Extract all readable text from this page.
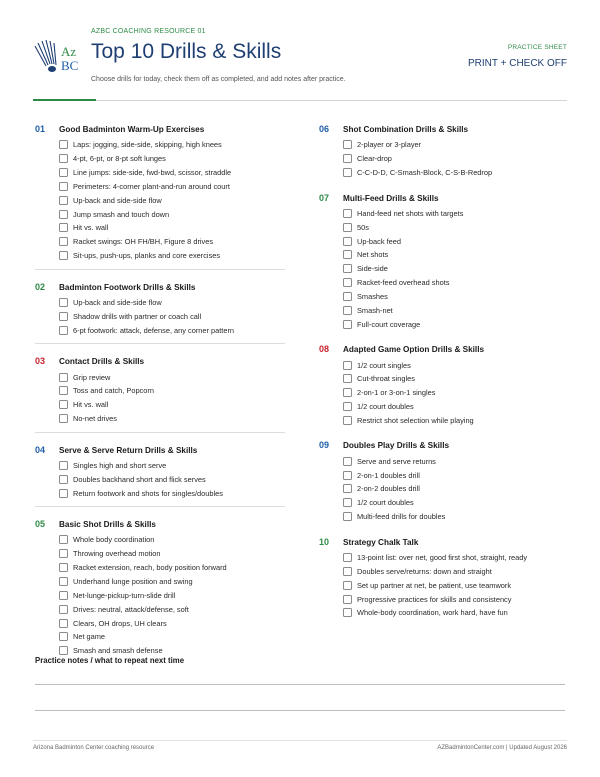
Az
BC
AZBC COACHING RESOURCE 01
Top 10 Drills & Skills
Choose drills for today, check them off as completed, and add notes after practice.
PRACTICE SHEET
PRINT + CHECK OFF
01	Good Badminton Warm-Up Exercises
Laps: jogging, side-side, skipping, high knees
4-pt, 6-pt, or 8-pt soft lunges
Line jumps: side-side, fwd-bwd, scissor, straddle
Perimeters: 4-corner plant-and-run around court
Up-back and side-side flow
Jump smash and touch down
Hit vs. wall
Racket swings: OH FH/BH, Figure 8 drives
Sit-ups, push-ups, planks and core exercises
02	Badminton Footwork Drills & Skills
Up-back and side-side flow
Shadow drills with partner or coach call
6-pt footwork: attack, defense, any corner pattern
03	Contact Drills & Skills
Grip review
Toss and catch, Popcorn
Hit vs. wall
No-net drives
04	Serve & Serve Return Drills & Skills
Singles high and short serve
Doubles backhand short and flick serves
Return footwork and shots for singles/doubles
05	Basic Shot Drills & Skills
Whole body coordination
Throwing overhead motion
Racket extension, reach, body position forward
Underhand lunge position and swing
Net-lunge-pickup-turn-slide drill
Drives: neutral, attack/defense, soft
Clears, OH drops, UH clears
Net game
Smash and smash defense
06	Shot Combination Drills & Skills
2-player or 3-player
Clear-drop
C-C-D-D, C-Smash-Block, C-S-B-Redrop
07	Multi-Feed Drills & Skills
Hand-feed net shots with targets
50s
Up-back feed
Net shots
Side-side
Racket-feed overhead shots
Smashes
Smash-net
Full-court coverage
08	Adapted Game Option Drills & Skills
1/2 court singles
Cut-throat singles
2-on-1 or 3-on-1 singles
1/2 court doubles
Restrict shot selection while playing
09	Doubles Play Drills & Skills
Serve and serve returns
2-on-1 doubles drill
2-on-2 doubles drill
1/2 court doubles
Multi-feed drills for doubles
10	Strategy Chalk Talk
13-point list: over net, good first shot, straight, ready
Doubles serve/returns: down and straight
Set up partner at net, be patient, use teamwork
Progressive practices for skills and consistency
Whole-body coordination, work hard, have fun
Practice notes / what to repeat next time
Arizona Badminton Center coaching resource	AZBadmintonCenter.com | Updated August 2026
